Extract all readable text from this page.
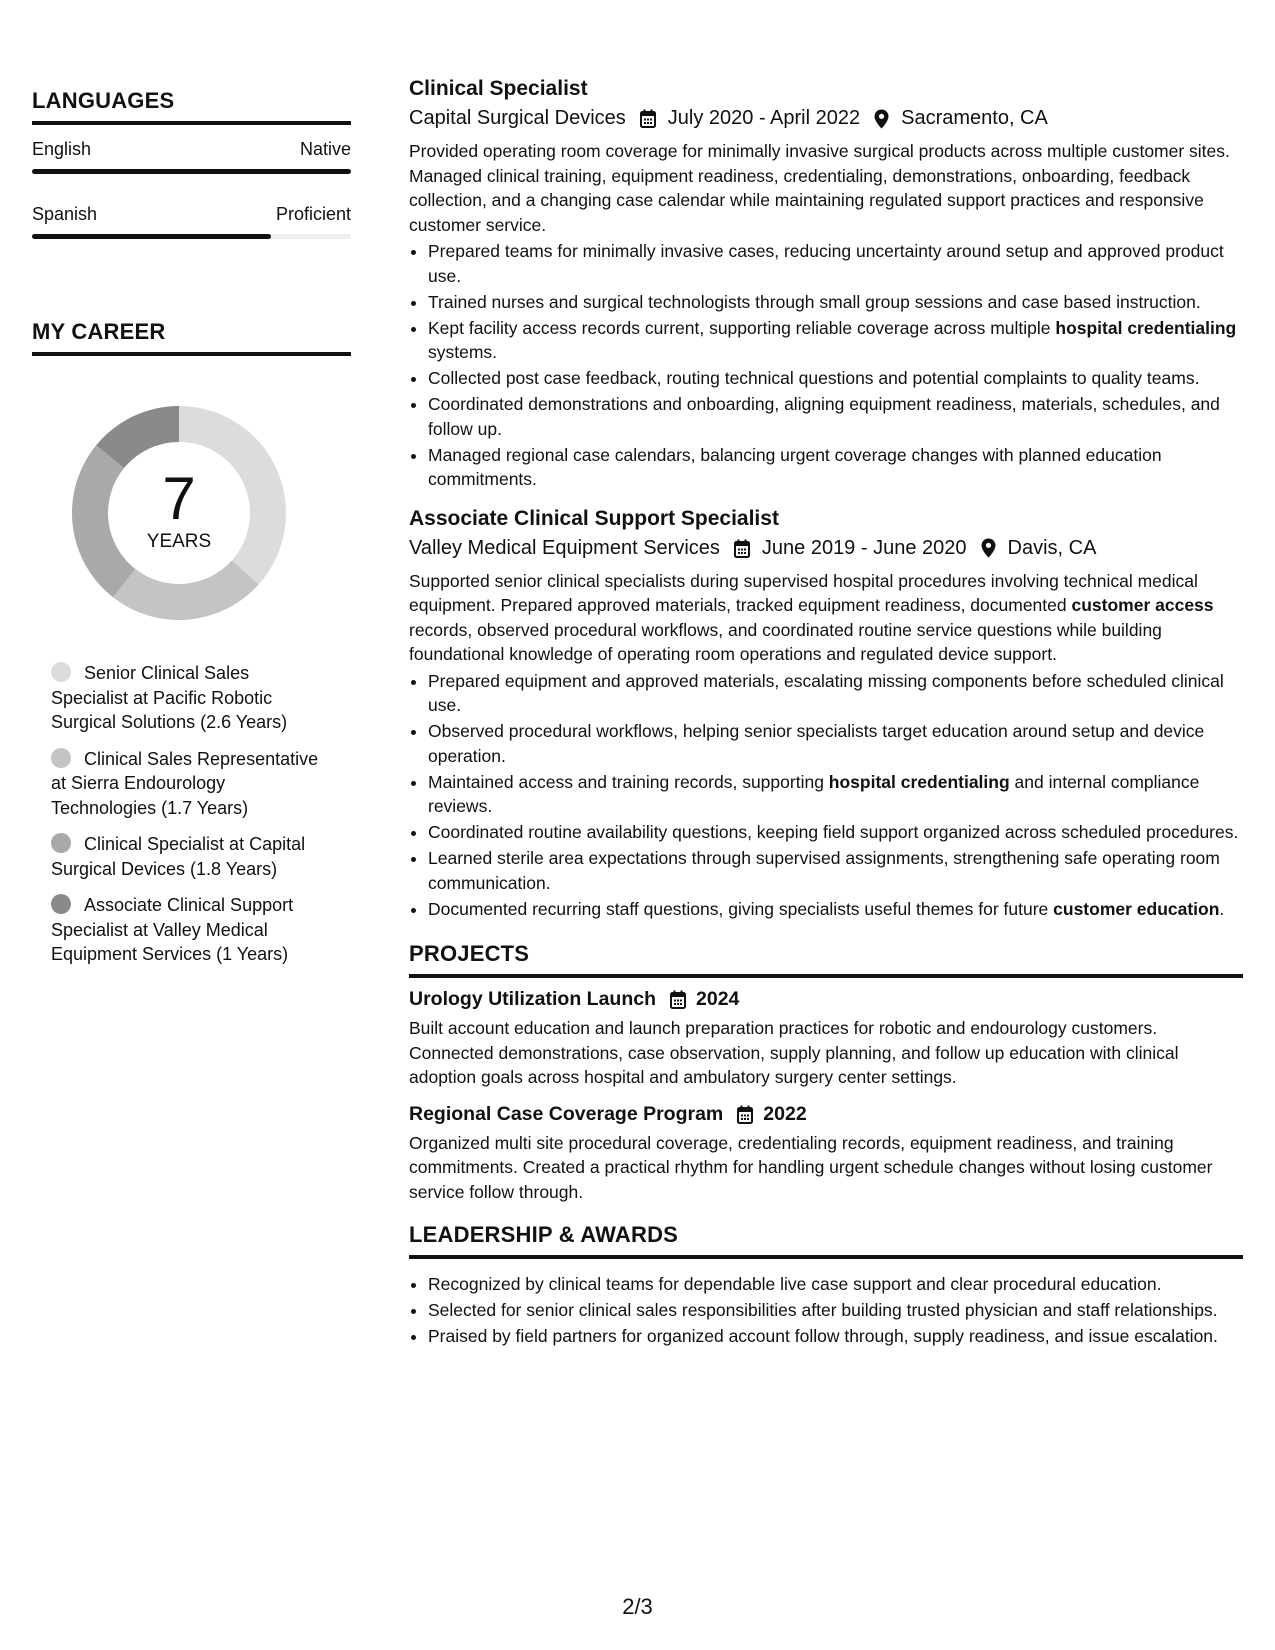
LANGUAGES
English	Native
Spanish	Proficient
MY CAREER
7
YEARS
Senior Clinical Sales Specialist at Pacific Robotic Surgical Solutions (2.6 Years)
Clinical Sales Representative at Sierra Endourology Technologies (1.7 Years)
Clinical Specialist at Capital Surgical Devices (1.8 Years)
Associate Clinical Support Specialist at Valley Medical Equipment Services (1 Years)
Clinical Specialist
Capital Surgical Devices July 2020 - April 2022 Sacramento, CA
Provided operating room coverage for minimally invasive surgical products across multiple customer sites. Managed clinical training, equipment readiness, credentialing, demonstrations, onboarding, feedback collection, and a changing case calendar while maintaining regulated support practices and responsive customer service.
• Prepared teams for minimally invasive cases, reducing uncertainty around setup and approved product use.
• Trained nurses and surgical technologists through small group sessions and case based instruction.
• Kept facility access records current, supporting reliable coverage across multiple hospital credentialing systems.
• Collected post case feedback, routing technical questions and potential complaints to quality teams.
• Coordinated demonstrations and onboarding, aligning equipment readiness, materials, schedules, and follow up.
• Managed regional case calendars, balancing urgent coverage changes with planned education commitments.
Associate Clinical Support Specialist
Valley Medical Equipment Services June 2019 - June 2020 Davis, CA
Supported senior clinical specialists during supervised hospital procedures involving technical medical equipment. Prepared approved materials, tracked equipment readiness, documented customer access records, observed procedural workflows, and coordinated routine service questions while building foundational knowledge of operating room operations and regulated device support.
• Prepared equipment and approved materials, escalating missing components before scheduled clinical use.
• Observed procedural workflows, helping senior specialists target education around setup and device operation.
• Maintained access and training records, supporting hospital credentialing and internal compliance reviews.
• Coordinated routine availability questions, keeping field support organized across scheduled procedures.
• Learned sterile area expectations through supervised assignments, strengthening safe operating room communication.
• Documented recurring staff questions, giving specialists useful themes for future customer education.
PROJECTS
Urology Utilization Launch 2024
Built account education and launch preparation practices for robotic and endourology customers. Connected demonstrations, case observation, supply planning, and follow up education with clinical adoption goals across hospital and ambulatory surgery center settings.
Regional Case Coverage Program 2022
Organized multi site procedural coverage, credentialing records, equipment readiness, and training commitments. Created a practical rhythm for handling urgent schedule changes without losing customer service follow through.
LEADERSHIP & AWARDS
• Recognized by clinical teams for dependable live case support and clear procedural education.
• Selected for senior clinical sales responsibilities after building trusted physician and staff relationships.
• Praised by field partners for organized account follow through, supply readiness, and issue escalation.
2/3
